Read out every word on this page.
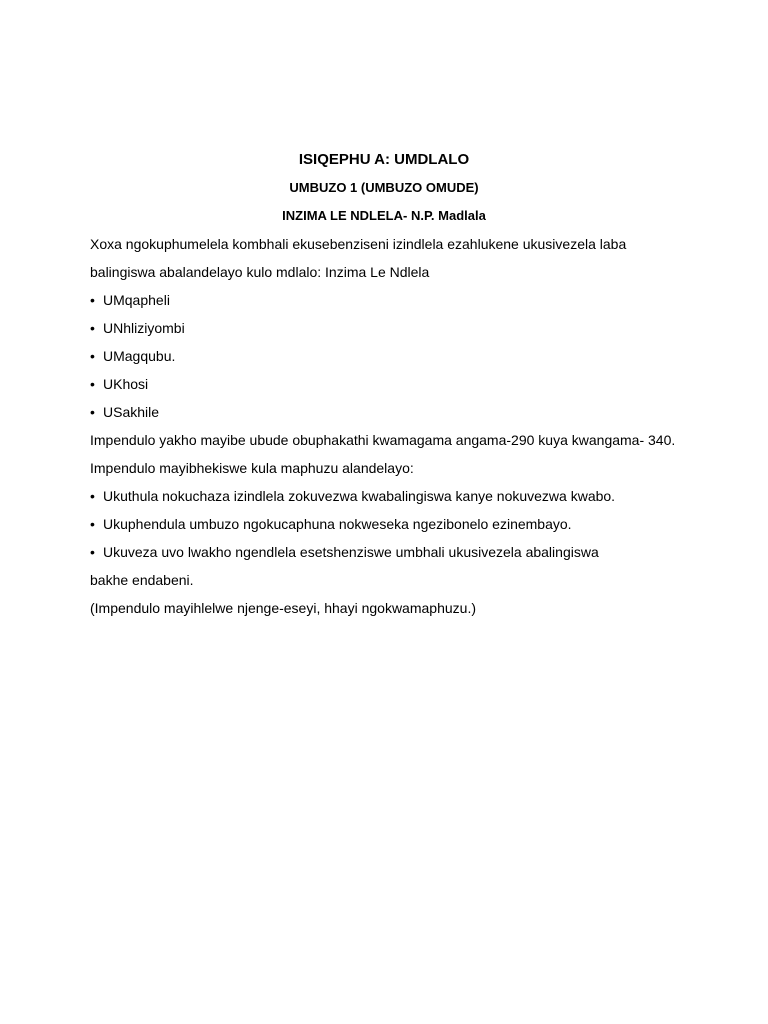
ISIQEPHU A: UMDLALO
UMBUZO 1 (UMBUZO OMUDE)
INZIMA LE NDLELA- N.P. Madlala
Xoxa ngokuphumelela kombhali ekusebenziseni izindlela ezahlukene ukusivezela laba
balingiswa abalandelayo kulo mdlalo: Inzima Le Ndlela
• UMqapheli
• UNhliziyombi
• UMagqubu.
• UKhosi
• USakhile
Impendulo yakho mayibe ubude obuphakathi kwamagama angama-290 kuya kwangama- 340.
Impendulo mayibhekiswe kula maphuzu alandelayo:
• Ukuthula nokuchaza izindlela zokuvezwa kwabalingiswa kanye nokuvezwa kwabo.
• Ukuphendula umbuzo ngokucaphuna nokweseka ngezibonelo ezinembayo.
• Ukuveza uvo lwakho ngendlela esetshenziswe umbhali ukusivezela abalingiswa
bakhe endabeni.
(Impendulo mayihlelwe njenge-eseyi, hhayi ngokwamaphuzu.)
